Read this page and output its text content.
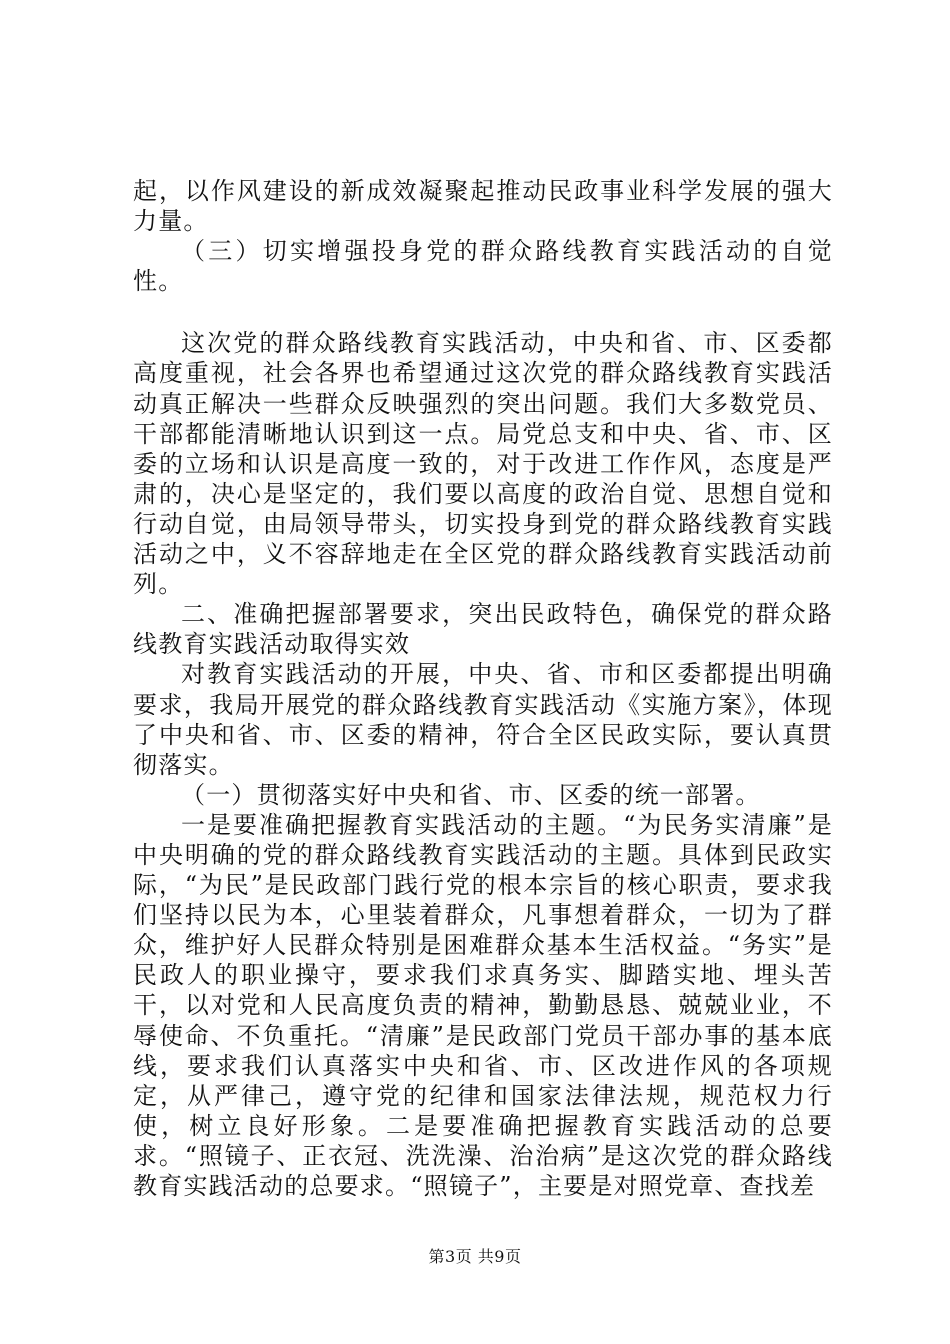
起，以作风建设的新成效凝聚起推动民政事业科学发展的强大力量。

（三）切实增强投身党的群众路线教育实践活动的自觉性。

这次党的群众路线教育实践活动，中央和省、市、区委都高度重视，社会各界也希望通过这次党的群众路线教育实践活动真正解决一些群众反映强烈的突出问题。我们大多数党员、干部都能清晰地认识到这一点。局党总支和中央、省、市、区委的立场和认识是高度一致的，对于改进工作作风，态度是严肃的，决心是坚定的，我们要以高度的政治自觉、思想自觉和行动自觉，由局领导带头，切实投身到党的群众路线教育实践活动之中，义不容辞地走在全区党的群众路线教育实践活动前列。

二、准确把握部署要求，突出民政特色，确保党的群众路线教育实践活动取得实效

对教育实践活动的开展，中央、省、市和区委都提出明确要求，我局开展党的群众路线教育实践活动《实施方案》，体现了中央和省、市、区委的精神，符合全区民政实际，要认真贯彻落实。

（一）贯彻落实好中央和省、市、区委的统一部署。

一是要准确把握教育实践活动的主题。“为民务实清廉”是中央明确的党的群众路线教育实践活动的主题。具体到民政实际，“为民”是民政部门践行党的根本宗旨的核心职责，要求我们坚持以民为本，心里装着群众，凡事想着群众，一切为了群众，维护好人民群众特别是困难群众基本生活权益。“务实”是民政人的职业操守，要求我们求真务实、脚踏实地、埋头苦干，以对党和人民高度负责的精神，勤勤恳恳、兢兢业业，不辱使命、不负重托。“清廉”是民政部门党员干部办事的基本底线，要求我们认真落实中央和省、市、区改进作风的各项规定，从严律己，遵守党的纪律和国家法律法规，规范权力行使，树立良好形象。二是要准确把握教育实践活动的总要求。“照镜子、正衣冠、洗洗澡、治治病”是这次党的群众路线教育实践活动的总要求。“照镜子”，主要是对照党章、查找差

第3页 共9页
